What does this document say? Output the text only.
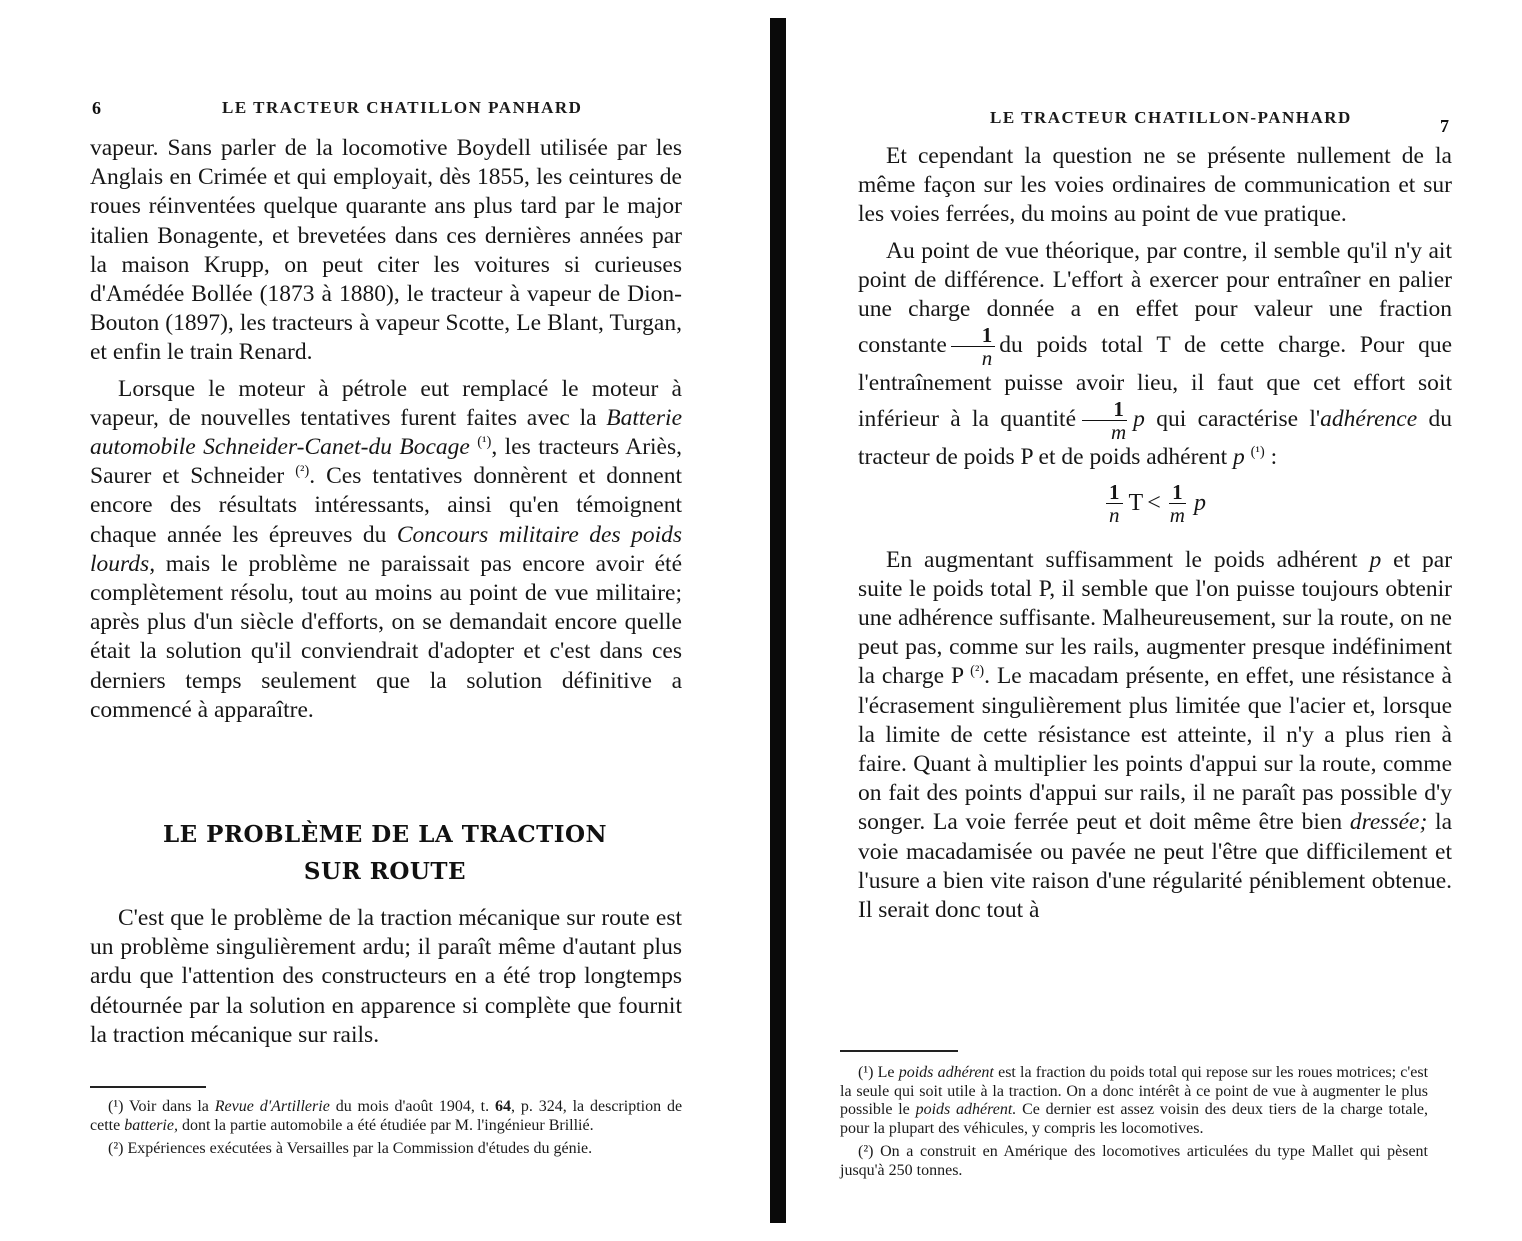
6	LE TRACTEUR CHATILLON PANHARD

vapeur. Sans parler de la locomotive Boydell utilisée par les Anglais en Crimée et qui employait, dès 1855, les ceintures de roues réinventées quelque quarante ans plus tard par le major italien Bonagente, et brevetées dans ces dernières années par la maison Krupp, on peut citer les voitures si curieuses d'Amédée Bollée (1873 à 1880), le tracteur à vapeur de Dion-Bouton (1897), les tracteurs à vapeur Scotte, Le Blant, Turgan, et enfin le train Renard.

Lorsque le moteur à pétrole eut remplacé le moteur à vapeur, de nouvelles tentatives furent faites avec la Batterie automobile Schneider-Canet-du Bocage $^{(^1)}$, les tracteurs Ariès, Saurer et Schneider $^{(^2)}$. Ces tentatives donnèrent et donnent encore des résultats intéressants, ainsi qu'en témoignent chaque année les épreuves du Concours militaire des poids lourds, mais le problème ne paraissait pas encore avoir été complètement résolu, tout au moins au point de vue militaire; après plus d'un siècle d'efforts, on se demandait encore quelle était la solution qu'il conviendrait d'adopter et c'est dans ces derniers temps seulement que la solution définitive a commencé à apparaître.

LE PROBLÈME DE LA TRACTION
SUR ROUTE

C'est que le problème de la traction mécanique sur route est un problème singulièrement ardu; il paraît même d'autant plus ardu que l'attention des constructeurs en a été trop longtemps détournée par la solution en apparence si complète que fournit la traction mécanique sur rails.

(¹) Voir dans la Revue d'Artillerie du mois d'août 1904, t. 64, p. 324, la description de cette batterie, dont la partie automobile a été étudiée par M. l'ingénieur Brillié.

(²) Expériences exécutées à Versailles par la Commission d'études du génie.

LE TRACTEUR CHATILLON-PANHARD	7

Et cependant la question ne se présente nullement de la même façon sur les voies ordinaires de communication et sur les voies ferrées, du moins au point de vue pratique.

Au point de vue théorique, par contre, il semble qu'il n'y ait point de différence. L'effort à exercer pour entraîner en palier une charge donnée a en effet pour valeur une fraction constante $\frac{1}{n}$ du poids total T de cette charge. Pour que l'entraînement puisse avoir lieu, il faut que cet effort soit inférieur à la quantité $\frac{1}{m}$ p qui caractérise l'adhérence du tracteur de poids P et de poids adhérent p $^{(^1)}$ :

$\frac{1}{n}$ $T < \frac{1}{m}$ p

En augmentant suffisamment le poids adhérent p et par suite le poids total P, il semble que l'on puisse toujours obtenir une adhérence suffisante. Malheureusement, sur la route, on ne peut pas, comme sur les rails, augmenter presque indéfiniment la charge P $^{(^2)}$. Le macadam présente, en effet, une résistance à l'écrasement singulièrement plus limitée que l'acier et, lorsque la limite de cette résistance est atteinte, il n'y a plus rien à faire. Quant à multiplier les points d'appui sur la route, comme on fait des points d'appui sur rails, il ne paraît pas possible d'y songer. La voie ferrée peut et doit même être bien dressée; la voie macadamisée ou pavée ne peut l'être que difficilement et l'usure a bien vite raison d'une régularité péniblement obtenue. Il serait donc tout à

(¹) Le poids adhérent est la fraction du poids total qui repose sur les roues motrices; c'est la seule qui soit utile à la traction. On a donc intérêt à ce point de vue à augmenter le plus possible le poids adhérent. Ce dernier est assez voisin des deux tiers de la charge totale, pour la plupart des véhicules, y compris les locomotives.

(²) On a construit en Amérique des locomotives articulées du type Mallet qui pèsent jusqu'à 250 tonnes.
